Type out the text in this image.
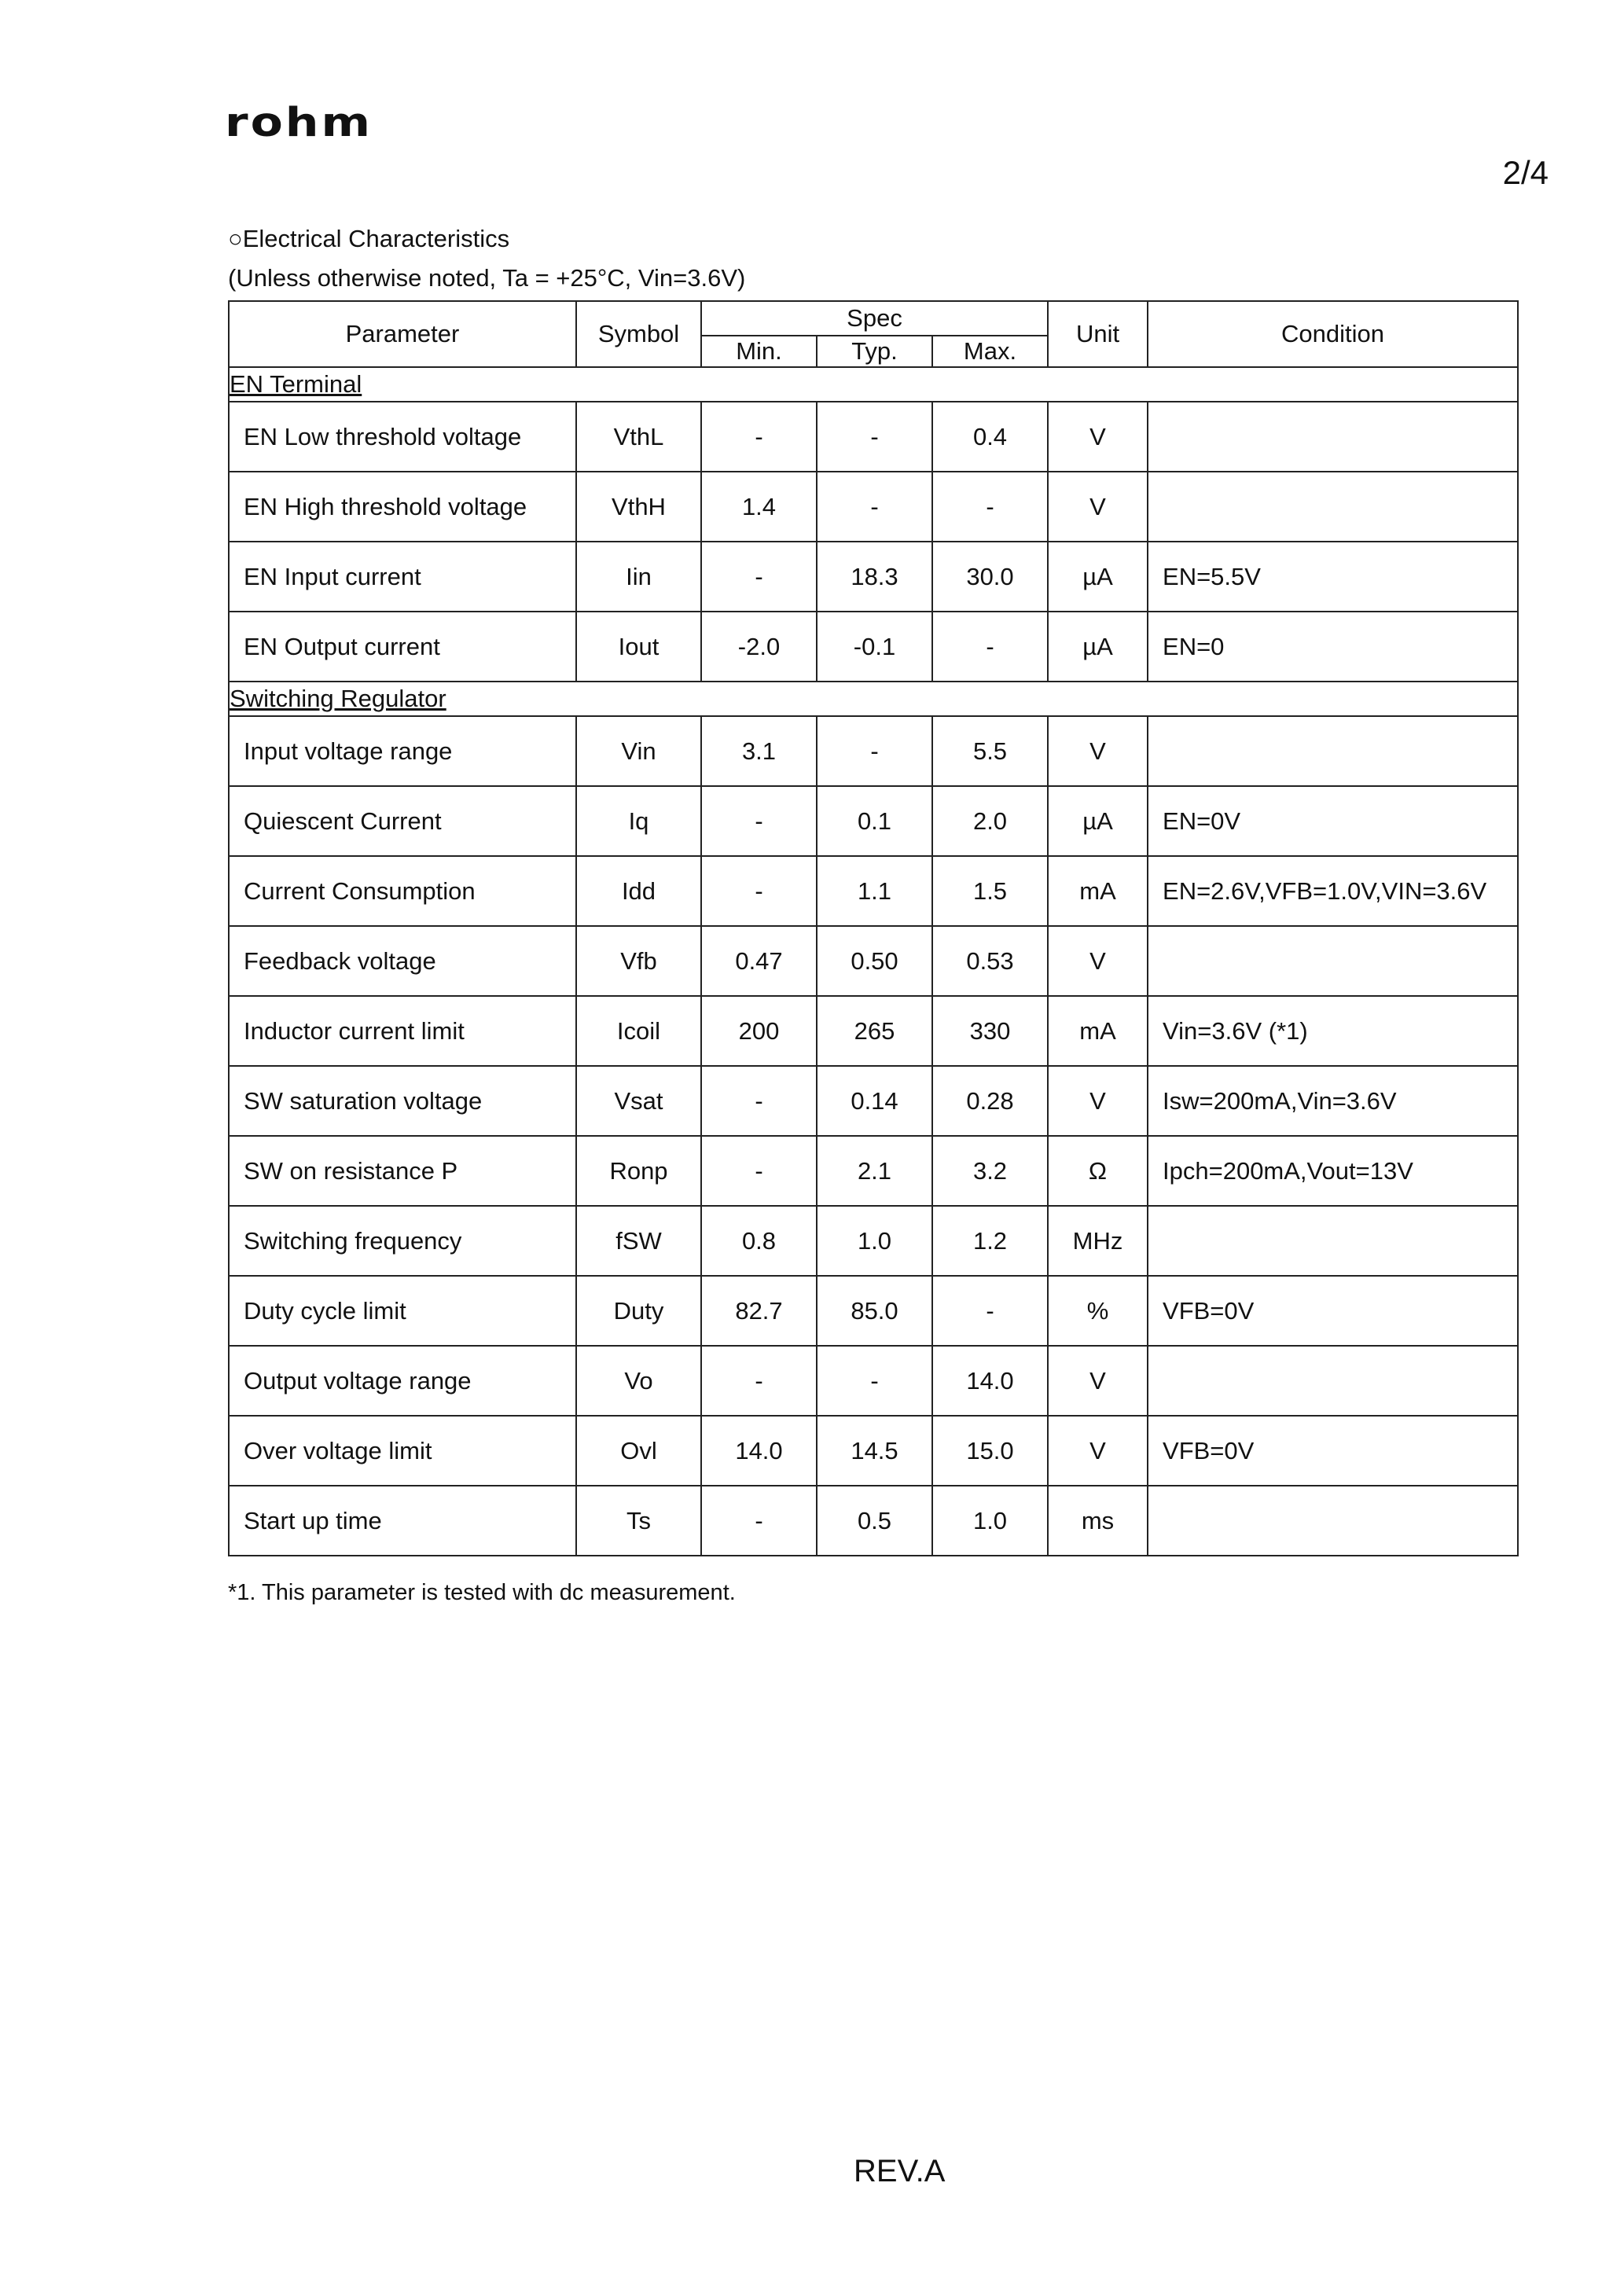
rohm
2/4
○Electrical Characteristics
(Unless otherwise noted, Ta = +25°C, Vin=3.6V)
Parameter	Symbol	Spec			Unit	Condition
		Min.	Typ.	Max.		
EN Terminal						
EN Low threshold voltage	VthL	-	-	0.4	V	
EN High threshold voltage	VthH	1.4	-	-	V	
EN Input current	Iin	-	18.3	30.0	µA	EN=5.5V
EN Output current	Iout	-2.0	-0.1	-	µA	EN=0
Switching Regulator						
Input voltage range	Vin	3.1	-	5.5	V	
Quiescent Current	Iq	-	0.1	2.0	µA	EN=0V
Current Consumption	Idd	-	1.1	1.5	mA	EN=2.6V,VFB=1.0V,VIN=3.6V
Feedback voltage	Vfb	0.47	0.50	0.53	V	
Inductor current limit	Icoil	200	265	330	mA	Vin=3.6V (*1)
SW saturation voltage	Vsat	-	0.14	0.28	V	Isw=200mA,Vin=3.6V
SW on resistance P	Ronp	-	2.1	3.2	Ω	Ipch=200mA,Vout=13V
Switching frequency	fSW	0.8	1.0	1.2	MHz	
Duty cycle limit	Duty	82.7	85.0	-	%	VFB=0V
Output voltage range	Vo	-	-	14.0	V	
Over voltage limit	Ovl	14.0	14.5	15.0	V	VFB=0V
Start up time	Ts	-	0.5	1.0	ms	
*1. This parameter is tested with dc measurement.
REV.A
